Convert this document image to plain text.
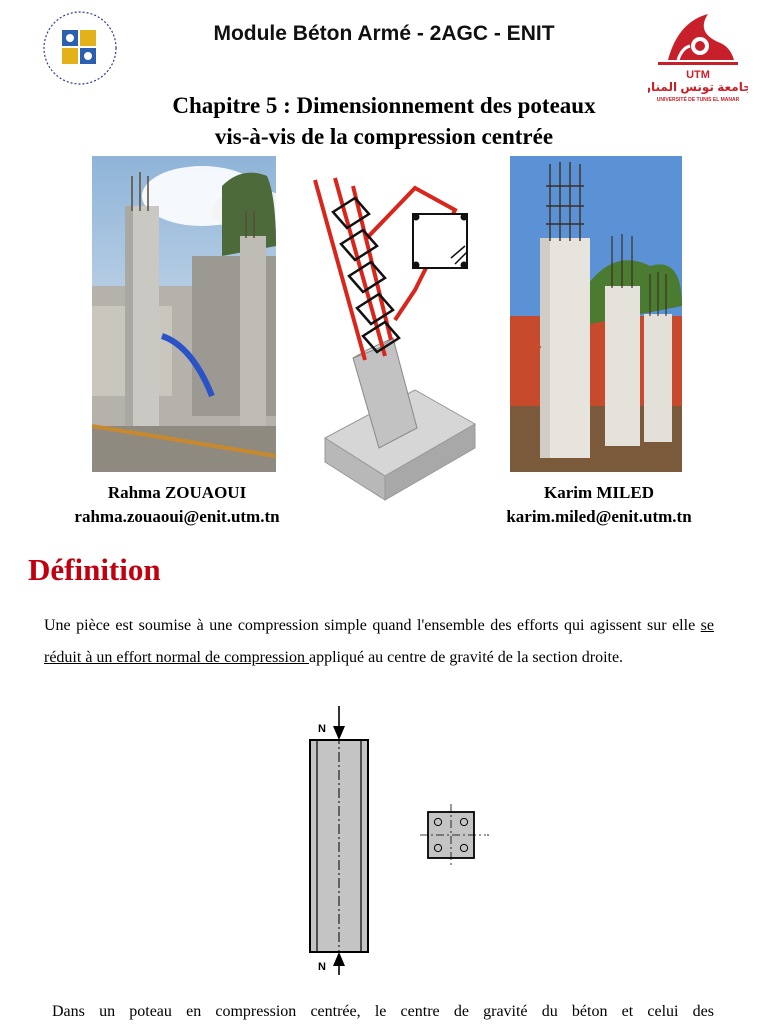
Module Béton Armé - 2AGC - ENIT
UTM
جامعة تونس المنار
UNIVERSITÉ DE TUNIS EL MANAR
Chapitre 5 : Dimensionnement des poteaux
vis-à-vis de la compression centrée
Rahma ZOUAOUI
rahma.zouaoui@enit.utm.tn
Karim MILED
karim.miled@enit.utm.tn
Définition
Une pièce est soumise à une compression simple quand l'ensemble des efforts qui agissent sur elle se réduit à un effort normal de compression appliqué au centre de gravité de la section droite.
N
N
Dans un poteau en compression centrée, le centre de gravité du béton et celui des
